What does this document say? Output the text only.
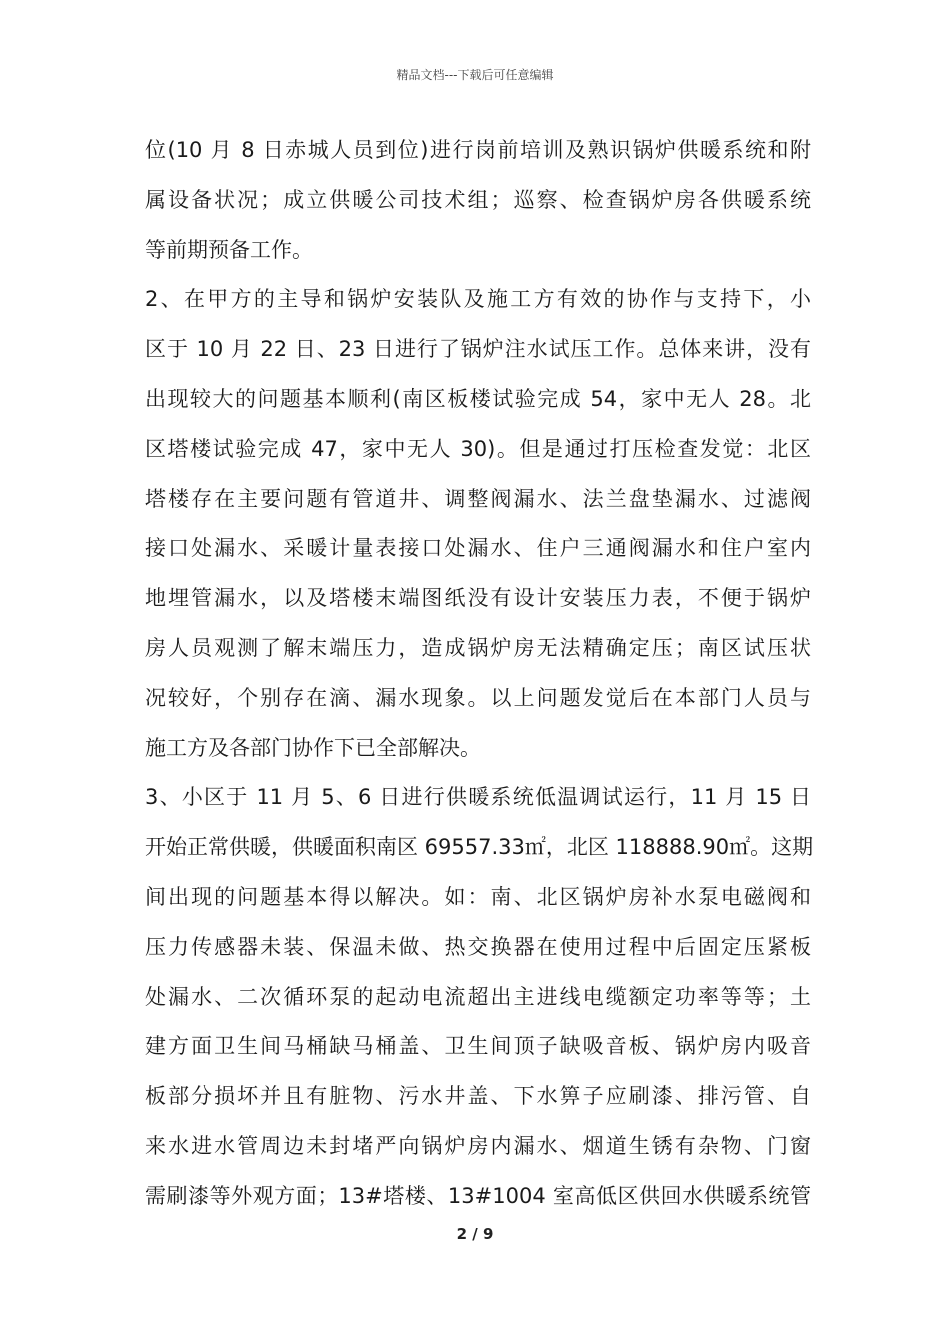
精品文档---下载后可任意编辑
位(10 月 8 日赤城人员到位)进行岗前培训及熟识锅炉供暖系统和附
属设备状况；成立供暖公司技术组；巡察、检查锅炉房各供暖系统
等前期预备工作。
2、在甲方的主导和锅炉安装队及施工方有效的协作与支持下，小
区于 10 月 22 日、23 日进行了锅炉注水试压工作。总体来讲，没有
出现较大的问题基本顺利(南区板楼试验完成 54，家中无人 28。北
区塔楼试验完成 47，家中无人 30)。但是通过打压检查发觉：北区
塔楼存在主要问题有管道井、调整阀漏水、法兰盘垫漏水、过滤阀
接口处漏水、采暖计量表接口处漏水、住户三通阀漏水和住户室内
地埋管漏水，以及塔楼末端图纸没有设计安装压力表，不便于锅炉
房人员观测了解末端压力，造成锅炉房无法精确定压；南区试压状
况较好，个别存在滴、漏水现象。以上问题发觉后在本部门人员与
施工方及各部门协作下已全部解决。
3、小区于 11 月 5、6 日进行供暖系统低温调试运行，11 月 15 日
开始正常供暖，供暖面积南区 69557.33㎡，北区 118888.90㎡。这期
间出现的问题基本得以解决。如：南、北区锅炉房补水泵电磁阀和
压力传感器未装、保温未做、热交换器在使用过程中后固定压紧板
处漏水、二次循环泵的起动电流超出主进线电缆额定功率等等；土
建方面卫生间马桶缺马桶盖、卫生间顶子缺吸音板、锅炉房内吸音
板部分损坏并且有脏物、污水井盖、下水箅子应刷漆、排污管、自
来水进水管周边未封堵严向锅炉房内漏水、烟道生锈有杂物、门窗
需刷漆等外观方面；13#塔楼、13#1004 室高低区供回水供暖系统管
2 / 9
